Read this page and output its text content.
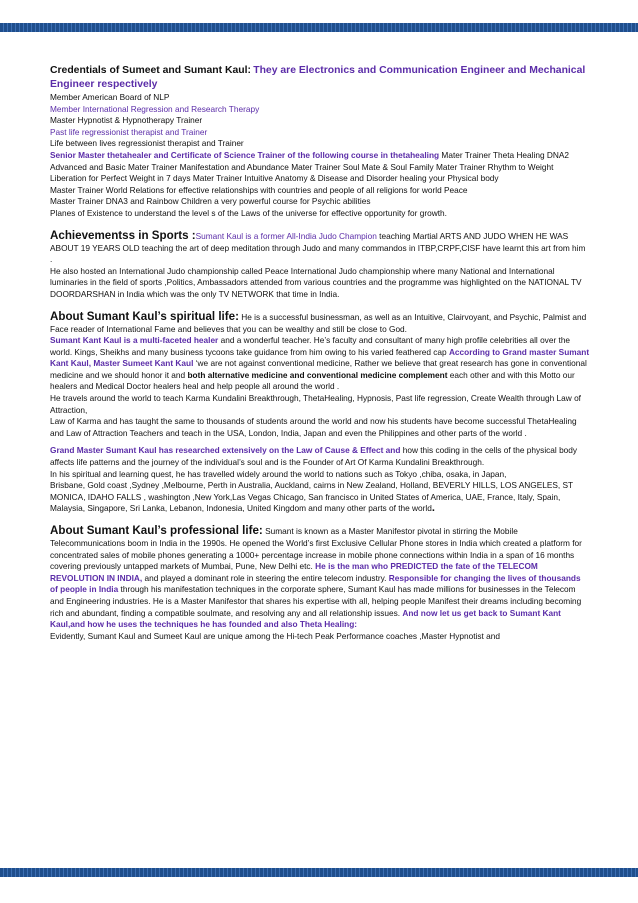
Credentials of Sumeet and Sumant Kaul: They are Electronics and Communication Engineer and Mechanical Engineer respectively

Member American Board of NLP

Member International Regression and Research Therapy

Master Hypnotist & Hypnotherapy Trainer

Past life regressionist therapist and Trainer

Life between lives regressionist therapist and Trainer

Senior Master thetahealer and Certificate of Science Trainer of the following course in thetahealing Mater Trainer Theta Healing DNA2 Advanced and Basic Mater Trainer Manifestation and Abundance Mater Trainer Soul Mate & Soul Family Mater Trainer Rhythm to Weight Liberation for Perfect Weight in 7 days Mater Trainer Intuitive Anatomy & Disease and Disorder healing your Physical body

Master Trainer World Relations for effective relationships with countries and people of all religions for world Peace

Master Trainer DNA3 and Rainbow Children a very powerful course for Psychic abilities

Planes of Existence to understand the level s of the Laws of the universe for effective opportunity for growth.

Achievementss in Sports :Sumant Kaul is a former All-India Judo Champion teaching Martial ARTS AND JUDO WHEN HE WAS ABOUT 19 YEARS OLD teaching the art of deep meditation through Judo and many commandos in ITBP,CRPF,CISF have learnt this art from him .

He also hosted an International Judo championship called Peace International Judo championship where many National and International luminaries in the field of sports ,Politics, Ambassadors attended from various countries and the programme was highlighted on the NATIONAL TV DOORDARSHAN in India which was the only TV NETWORK that time in India.

About Sumant Kaul’s spiritual life: He is a successful businessman, as well as an Intuitive, Clairvoyant, and Psychic, Palmist and Face reader of International Fame and believes that you can be wealthy and still be close to God.

Sumant Kant Kaul is a multi-faceted healer and a wonderful teacher. He’s faculty and consultant of many high profile celebrities all over the world. Kings, Sheikhs and many business tycoons take guidance from him owing to his varied feathered cap According to Grand master Sumant Kant Kaul, Master Sumeet Kant Kaul ‘we are not against conventional medicine, Rather we believe that great research has gone in conventional medicine and we should honor it and both alternative medicine and conventional medicine complement each other and with this Motto our healers and Medical Doctor healers heal and help people all around the world .

He travels around the world to teach Karma Kundalini Breakthrough, ThetaHealing, Hypnosis, Past life regression, Create Wealth through Law of Attraction,

Law of Karma and has taught the same to thousands of students around the world and now his students have become successful ThetaHealing and Law of Attraction Teachers and teach in the USA, London, India, Japan and even the Philippines and other parts of the world .

Grand Master Sumant Kaul has researched extensively on the Law of Cause & Effect and how this coding in the cells of the physical body affects life patterns and the journey of the individual’s soul and is the Founder of Art Of Karma Kundalini Breakthrough.

In his spiritual and learning quest, he has travelled widely around the world to nations such as Tokyo ,chiba, osaka, in Japan,

Brisbane, Gold coast ,Sydney ,Melbourne, Perth in Australia, Auckland, cairns in New Zealand, Holland, BEVERLY HILLS, LOS ANGELES, ST MONICA, IDAHO FALLS , washington ,New York,Las Vegas Chicago, San francisco in United States of America, UAE, France, Italy, Spain, Malaysia, Singapore, Sri Lanka, Lebanon, Indonesia, United Kingdom and many other parts of the world.

About Sumant Kaul’s professional life: Sumant is known as a Master Manifestor pivotal in stirring the Mobile Telecommunications boom in India in the 1990s. He opened the World’s first Exclusive Cellular Phone stores in India which created a platform for concentrated sales of mobile phones generating a 1000+ percentage increase in mobile phone connections within India in a span of 16 months covering previously untapped markets of Mumbai, Pune, New Delhi etc. He is the man who PREDICTED the fate of the TELECOM REVOLUTION IN INDIA, and played a dominant role in steering the entire telecom industry. Responsible for changing the lives of thousands of people in India through his manifestation techniques in the corporate sphere, Sumant Kaul has made millions for businesses in the Telecom and Engineering industries. He is a Master Manifestor that shares his expertise with all, helping people Manifest their dreams including becoming rich and abundant, finding a compatible soulmate, and resolving any and all relationship issues. And now let us get back to Sumant Kant Kaul,and how he uses the techniques he has founded and also Theta Healing:

Evidently, Sumant Kaul and Sumeet Kaul are unique among the Hi-tech Peak Performance coaches ,Master Hypnotist and
